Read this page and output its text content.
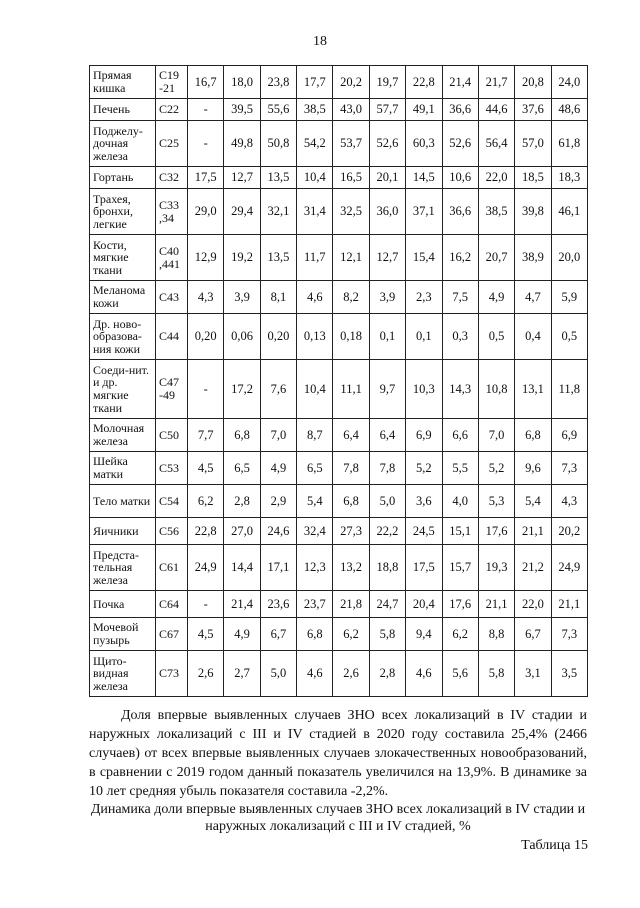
18
Прямая кишка	C19 -21	16,7	18,0	23,8	17,7	20,2	19,7	22,8	21,4	21,7	20,8	24,0
Печень	C22	-	39,5	55,6	38,5	43,0	57,7	49,1	36,6	44,6	37,6	48,6
Поджелу-дочная железа	C25	-	49,8	50,8	54,2	53,7	52,6	60,3	52,6	56,4	57,0	61,8
Гортань	C32	17,5	12,7	13,5	10,4	16,5	20,1	14,5	10,6	22,0	18,5	18,3
Трахея, бронхи, легкие	C33 ,34	29,0	29,4	32,1	31,4	32,5	36,0	37,1	36,6	38,5	39,8	46,1
Кости, мягкие ткани	C40 ,441	12,9	19,2	13,5	11,7	12,1	12,7	15,4	16,2	20,7	38,9	20,0
Меланома кожи	C43	4,3	3,9	8,1	4,6	8,2	3,9	2,3	7,5	4,9	4,7	5,9
Др. ново-образова-ния кожи	C44	0,20	0,06	0,20	0,13	0,18	0,1	0,1	0,3	0,5	0,4	0,5
Соеди-нит. и др. мягкие ткани	C47 -49	-	17,2	7,6	10,4	11,1	9,7	10,3	14,3	10,8	13,1	11,8
Молочная железа	C50	7,7	6,8	7,0	8,7	6,4	6,4	6,9	6,6	7,0	6,8	6,9
Шейка матки	C53	4,5	6,5	4,9	6,5	7,8	7,8	5,2	5,5	5,2	9,6	7,3
Тело матки	C54	6,2	2,8	2,9	5,4	6,8	5,0	3,6	4,0	5,3	5,4	4,3
Яичники	C56	22,8	27,0	24,6	32,4	27,3	22,2	24,5	15,1	17,6	21,1	20,2
Предста-тельная железа	C61	24,9	14,4	17,1	12,3	13,2	18,8	17,5	15,7	19,3	21,2	24,9
Почка	C64	-	21,4	23,6	23,7	21,8	24,7	20,4	17,6	21,1	22,0	21,1
Мочевой пузырь	C67	4,5	4,9	6,7	6,8	6,2	5,8	9,4	6,2	8,8	6,7	7,3
Щито-видная железа	C73	2,6	2,7	5,0	4,6	2,6	2,8	4,6	5,6	5,8	3,1	3,5

Доля впервые выявленных случаев ЗНО всех локализаций в IV стадии и наружных локализаций с III и IV стадией в 2020 году составила 25,4% (2466 случаев) от всех впервые выявленных случаев злокачественных новообразований, в сравнении с 2019 годом данный показатель увеличился на 13,9%. В динамике за 10 лет средняя убыль показателя составила -2,2%.

Динамика доли впервые выявленных случаев ЗНО всех локализаций в IV стадии и наружных локализаций с III и IV стадией, %

Таблица 15
